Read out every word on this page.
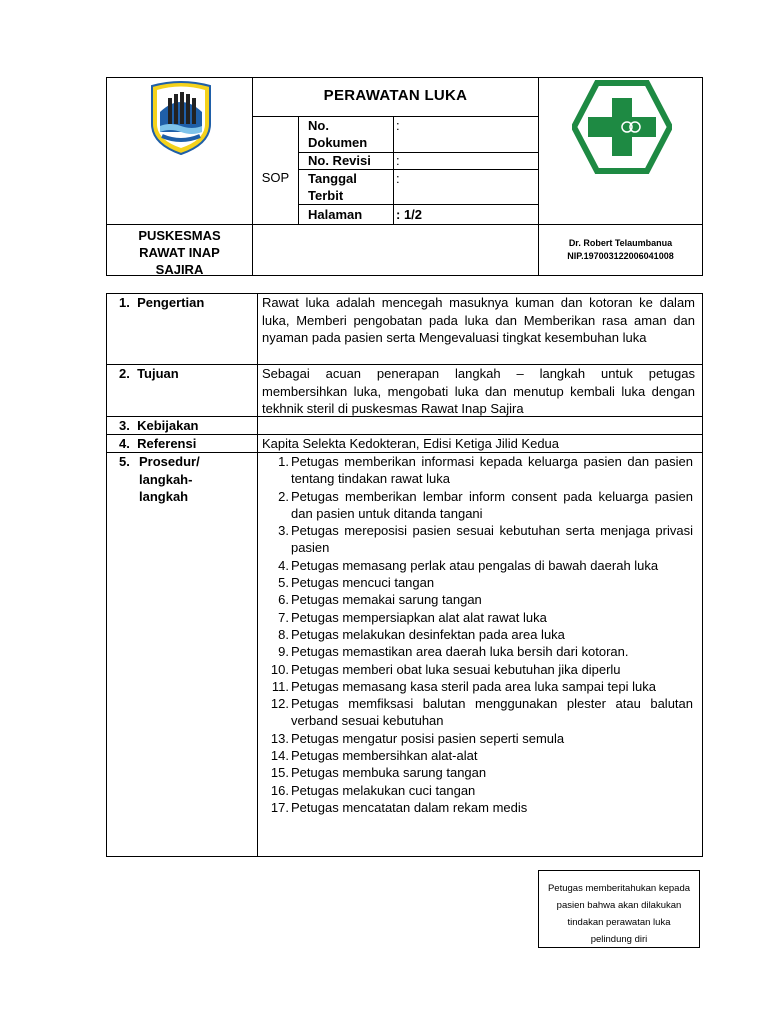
PUSKESMAS
RAWAT INAP
SAJIRA
PERAWATAN LUKA
SOP
No.
Dokumen
No. Revisi
Tanggal
Terbit
Halaman
:
:
:
: 1/2
Dr. Robert Telaumbanua
NIP.197003122006041008
1. Pengertian
2. Tujuan
3. Kebijakan
4. Referensi
5. Prosedur/
langkah-
langkah
Rawat luka adalah mencegah masuknya kuman dan kotoran ke dalam luka, Memberi pengobatan pada luka dan Memberikan rasa aman dan nyaman pada pasien serta Mengevaluasi tingkat kesembuhan luka
Sebagai acuan penerapan langkah – langkah untuk petugas membersihkan luka, mengobati luka dan menutup kembali luka dengan tekhnik steril di puskesmas Rawat Inap Sajira
Kapita Selekta Kedokteran, Edisi Ketiga Jilid Kedua
1. Petugas memberikan informasi kepada keluarga pasien dan pasien tentang tindakan rawat luka
2. Petugas memberikan lembar inform consent pada keluarga pasien dan pasien untuk ditanda tangani
3. Petugas mereposisi pasien sesuai kebutuhan serta menjaga privasi pasien
4. Petugas memasang perlak atau pengalas di bawah daerah luka
5. Petugas mencuci tangan
6. Petugas memakai sarung tangan
7. Petugas mempersiapkan alat alat rawat luka
8. Petugas melakukan desinfektan pada area luka
9. Petugas memastikan area daerah luka bersih dari kotoran.
10. Petugas memberi obat luka sesuai kebutuhan jika diperlu
11. Petugas memasang kasa steril pada area luka sampai tepi luka
12. Petugas memfiksasi balutan menggunakan plester atau balutan verband sesuai kebutuhan
13. Petugas mengatur posisi pasien seperti semula
14. Petugas membersihkan alat-alat
15. Petugas membuka sarung tangan
16. Petugas melakukan cuci tangan
17. Petugas mencatatan dalam rekam medis
Petugas memberitahukan kepada
pasien bahwa akan dilakukan
tindakan perawatan luka
pelindung diri
